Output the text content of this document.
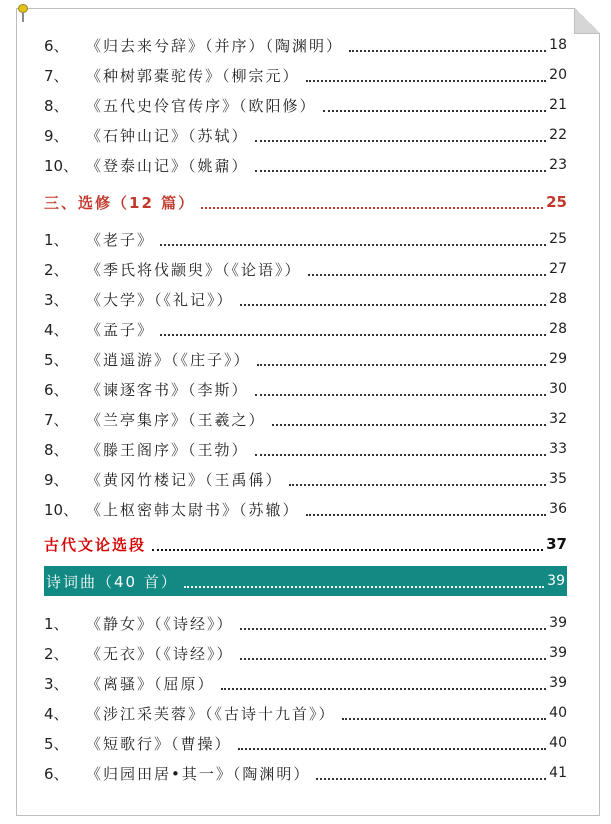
6、	《归去来兮辞》（并序）（陶渊明）	18
7、	《种树郭橐驼传》（柳宗元）	20
8、	《五代史伶官传序》（欧阳修）	21
9、	《石钟山记》（苏轼）	22
10、 《登泰山记》（姚鼐）	23
三、选修（12 篇）	25
1、	《老子》	25
2、	《季氏将伐颛臾》（《论语》）	27
3、	《大学》（《礼记》）	28
4、	《孟子》	28
5、	《逍遥游》（《庄子》）	29
6、	《谏逐客书》（李斯）	30
7、	《兰亭集序》（王羲之）	32
8、	《滕王阁序》（王勃）	33
9、	《黄冈竹楼记》（王禹偁）	35
10、 《上枢密韩太尉书》（苏辙）	36
古代文论选段	37
诗词曲（40 首）	39
1、	《静女》（《诗经》）	39
2、	《无衣》（《诗经》）	39
3、	《离骚》（屈原）	39
4、	《涉江采芙蓉》（《古诗十九首》）	40
5、	《短歌行》（曹操）	40
6、	《归园田居•其一》（陶渊明）	41
